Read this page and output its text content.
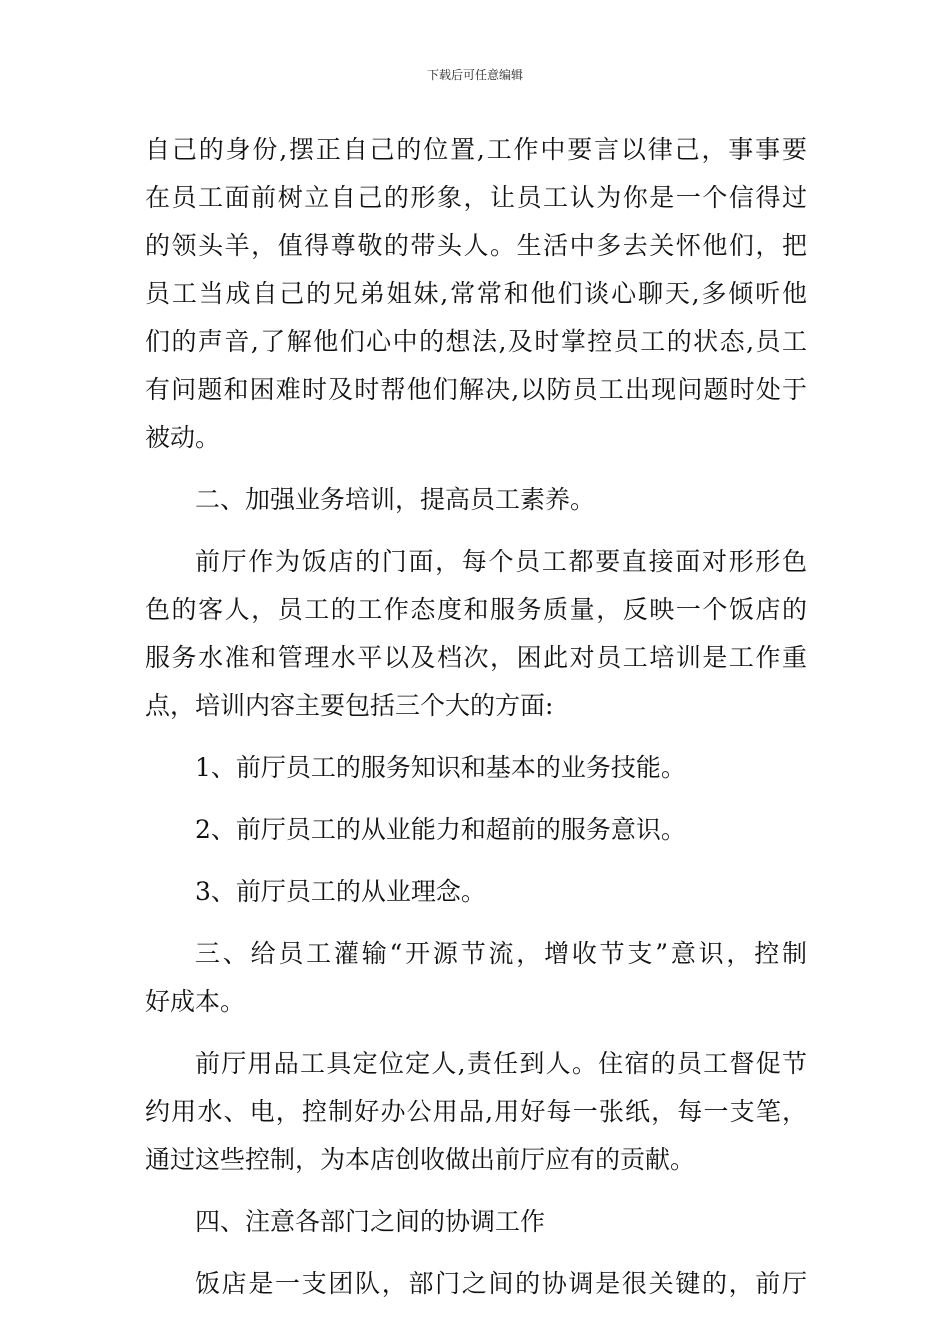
下载后可任意编辑
自己的身份,摆正自己的位置,工作中要言以律己，事事要
在员工面前树立自己的形象，让员工认为你是一个信得过
的领头羊，值得尊敬的带头人。生活中多去关怀他们，把
员工当成自己的兄弟姐妹,常常和他们谈心聊天,多倾听他
们的声音,了解他们心中的想法,及时掌控员工的状态,员工
有问题和困难时及时帮他们解决,以防员工出现问题时处于
被动。
二、加强业务培训，提高员工素养。
前厅作为饭店的门面，每个员工都要直接面对形形色
色的客人，员工的工作态度和服务质量，反映一个饭店的
服务水准和管理水平以及档次，困此对员工培训是工作重
点，培训内容主要包括三个大的方面:
1、前厅员工的服务知识和基本的业务技能。
2、前厅员工的从业能力和超前的服务意识。
3、前厅员工的从业理念。
三、给员工灌输“开源节流，增收节支”意识，控制
好成本。
前厅用品工具定位定人,责任到人。住宿的员工督促节
约用水、电，控制好办公用品,用好每一张纸，每一支笔，
通过这些控制，为本店创收做出前厅应有的贡献。
四、注意各部门之间的协调工作
饭店是一支团队，部门之间的协调是很关键的，前厅
